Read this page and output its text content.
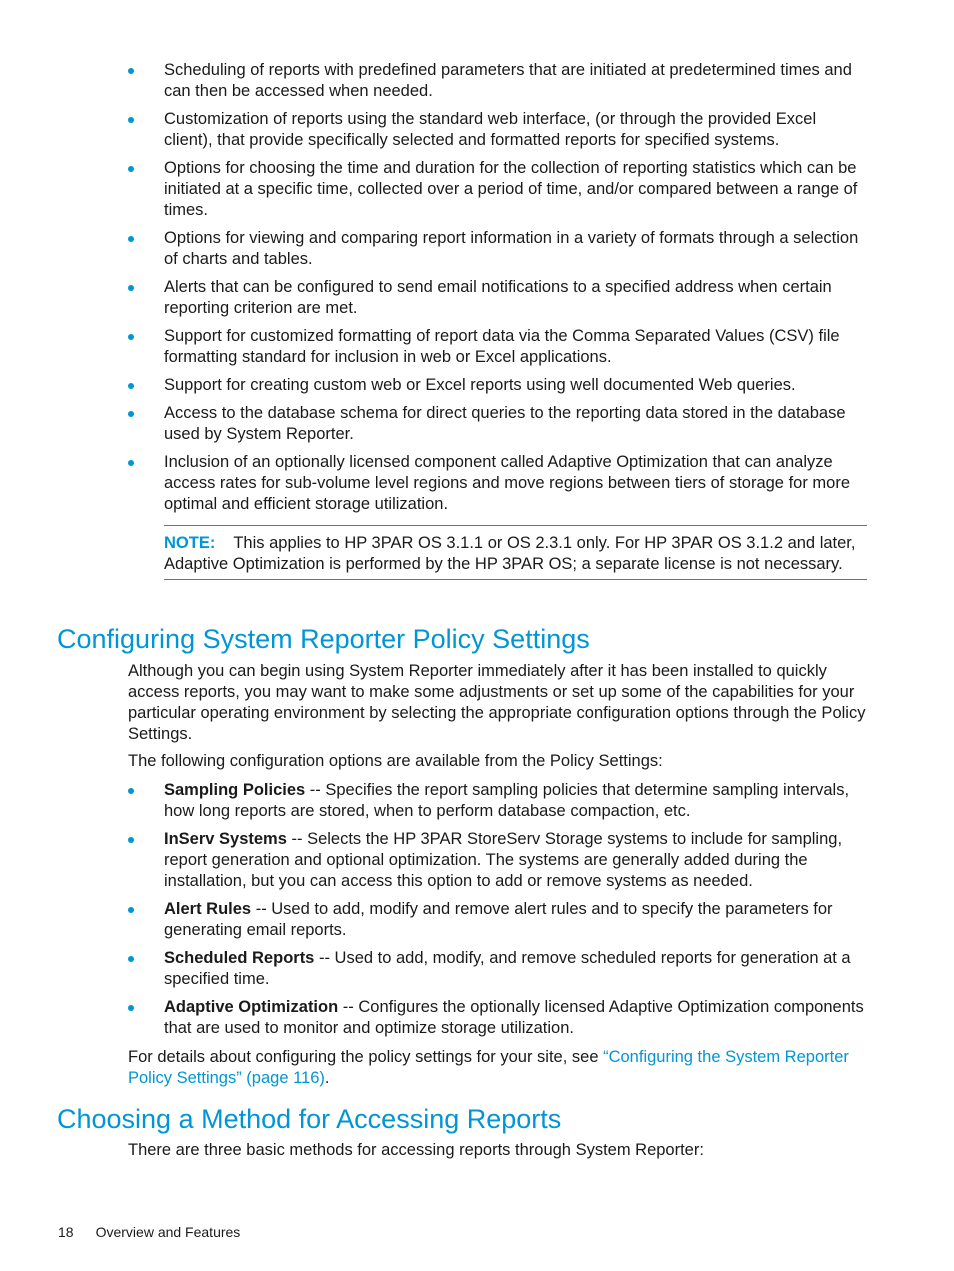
Scheduling of reports with predefined parameters that are initiated at predetermined times and can then be accessed when needed.
Customization of reports using the standard web interface, (or through the provided Excel client), that provide specifically selected and formatted reports for specified systems.
Options for choosing the time and duration for the collection of reporting statistics which can be initiated at a specific time, collected over a period of time, and/or compared between a range of times.
Options for viewing and comparing report information in a variety of formats through a selection of charts and tables.
Alerts that can be configured to send email notifications to a specified address when certain reporting criterion are met.
Support for customized formatting of report data via the Comma Separated Values (CSV) file formatting standard for inclusion in web or Excel applications.
Support for creating custom web or Excel reports using well documented Web queries.
Access to the database schema for direct queries to the reporting data stored in the database used by System Reporter.
Inclusion of an optionally licensed component called Adaptive Optimization that can analyze access rates for sub-volume level regions and move regions between tiers of storage for more optimal and efficient storage utilization.
NOTE: This applies to HP 3PAR OS 3.1.1 or OS 2.3.1 only. For HP 3PAR OS 3.1.2 and later, Adaptive Optimization is performed by the HP 3PAR OS; a separate license is not necessary.
Configuring System Reporter Policy Settings

Although you can begin using System Reporter immediately after it has been installed to quickly access reports, you may want to make some adjustments or set up some of the capabilities for your particular operating environment by selecting the appropriate configuration options through the Policy Settings.

The following configuration options are available from the Policy Settings:

Sampling Policies -- Specifies the report sampling policies that determine sampling intervals, how long reports are stored, when to perform database compaction, etc.
InServ Systems -- Selects the HP 3PAR StoreServ Storage systems to include for sampling, report generation and optional optimization. The systems are generally added during the installation, but you can access this option to add or remove systems as needed.
Alert Rules -- Used to add, modify and remove alert rules and to specify the parameters for generating email reports.
Scheduled Reports -- Used to add, modify, and remove scheduled reports for generation at a specified time.
Adaptive Optimization -- Configures the optionally licensed Adaptive Optimization components that are used to monitor and optimize storage utilization.

For details about configuring the policy settings for your site, see “Configuring the System Reporter Policy Settings” (page 116).

Choosing a Method for Accessing Reports

There are three basic methods for accessing reports through System Reporter:

18 Overview and Features
